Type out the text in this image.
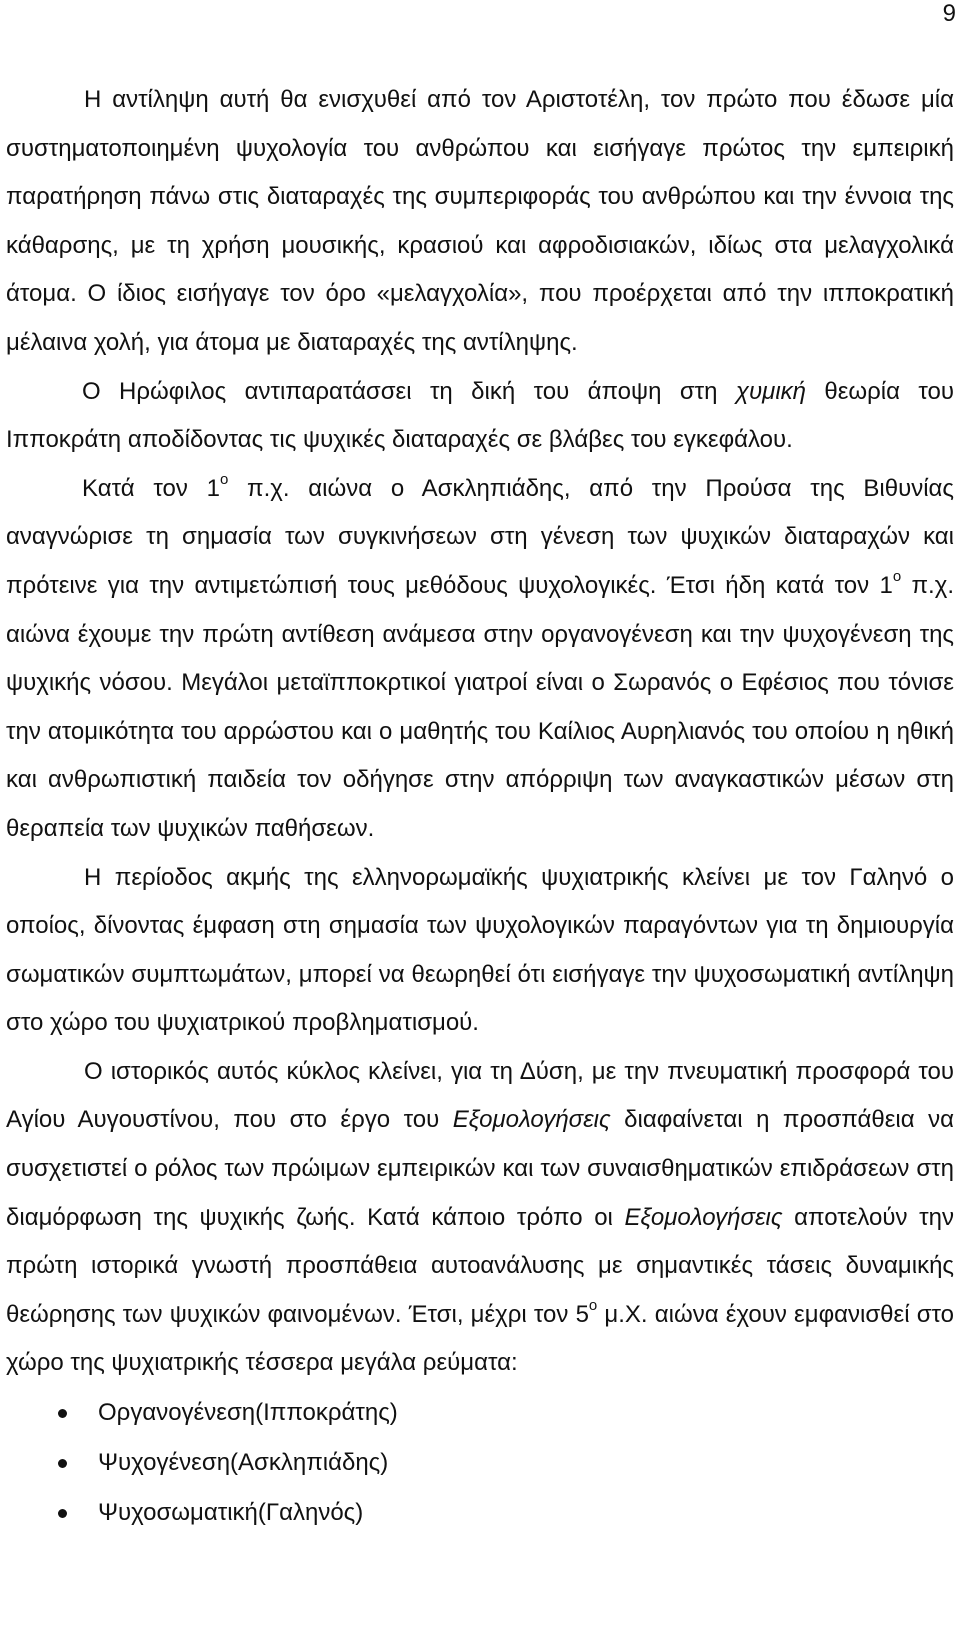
9

Η αντίληψη αυτή θα ενισχυθεί από τον Αριστοτέλη, τον πρώτο που έδωσε μία συστηματοποιημένη ψυχολογία του ανθρώπου και εισήγαγε πρώτος την εμπειρική παρατήρηση πάνω στις διαταραχές της συμπεριφοράς του ανθρώπου και την έννοια της κάθαρσης, με τη χρήση μουσικής, κρασιού και αφροδισιακών, ιδίως στα μελαγχολικά άτομα. Ο ίδιος εισήγαγε τον όρο «μελαγχολία», που προέρχεται από την ιπποκρατική μέλαινα χολή, για άτομα με διαταραχές της αντίληψης.

Ο Ηρώφιλος αντιπαρατάσσει τη δική του άποψη στη χυμική θεωρία του Ιπποκράτη αποδίδοντας τις ψυχικές διαταραχές σε βλάβες του εγκεφάλου.

Κατά τον $1^o$ π.χ. αιώνα ο Ασκληπιάδης, από την Προύσα της Βιθυνίας αναγνώρισε τη σημασία των συγκινήσεων στη γένεση των ψυχικών διαταραχών και πρότεινε για την αντιμετώπισή τους μεθόδους ψυχολογικές. Έτσι ήδη κατά τον $1^o$ π.χ. αιώνα έχουμε την πρώτη αντίθεση ανάμεσα στην οργανογένεση και την ψυχογένεση της ψυχικής νόσου. Μεγάλοι μεταϊπποκρτικοί γιατροί είναι ο Σωρανός ο Εφέσιος που τόνισε την ατομικότητα του αρρώστου και ο μαθητής του Καίλιος Αυρηλιανός του οποίου η ηθική και ανθρωπιστική παιδεία τον οδήγησε στην απόρριψη των αναγκαστικών μέσων στη θεραπεία των ψυχικών παθήσεων.

Η περίοδος ακμής της ελληνορωμαϊκής ψυχιατρικής κλείνει με τον Γαληνό ο οποίος, δίνοντας έμφαση στη σημασία των ψυχολογικών παραγόντων για τη δημιουργία σωματικών συμπτωμάτων, μπορεί να θεωρηθεί ότι εισήγαγε την ψυχοσωματική αντίληψη στο χώρο του ψυχιατρικού προβληματισμού.

Ο ιστορικός αυτός κύκλος κλείνει, για τη Δύση, με την πνευματική προσφορά του Αγίου Αυγουστίνου, που στο έργο του Εξομολογήσεις διαφαίνεται η προσπάθεια να συσχετιστεί ο ρόλος των πρώιμων εμπειρικών και των συναισθηματικών επιδράσεων στη διαμόρφωση της ψυχικής ζωής. Κατά κάποιο τρόπο οι Εξομολογήσεις αποτελούν την πρώτη ιστορικά γνωστή προσπάθεια αυτοανάλυσης με σημαντικές τάσεις δυναμικής θεώρησης των ψυχικών φαινομένων. Έτσι, μέχρι τον $5^o$ μ.Χ. αιώνα έχουν εμφανισθεί στο χώρο της ψυχιατρικής τέσσερα μεγάλα ρεύματα:

Οργανογένεση(Ιπποκράτης)
Ψυχογένεση(Ασκληπιάδης)
Ψυχοσωματική(Γαληνός)
